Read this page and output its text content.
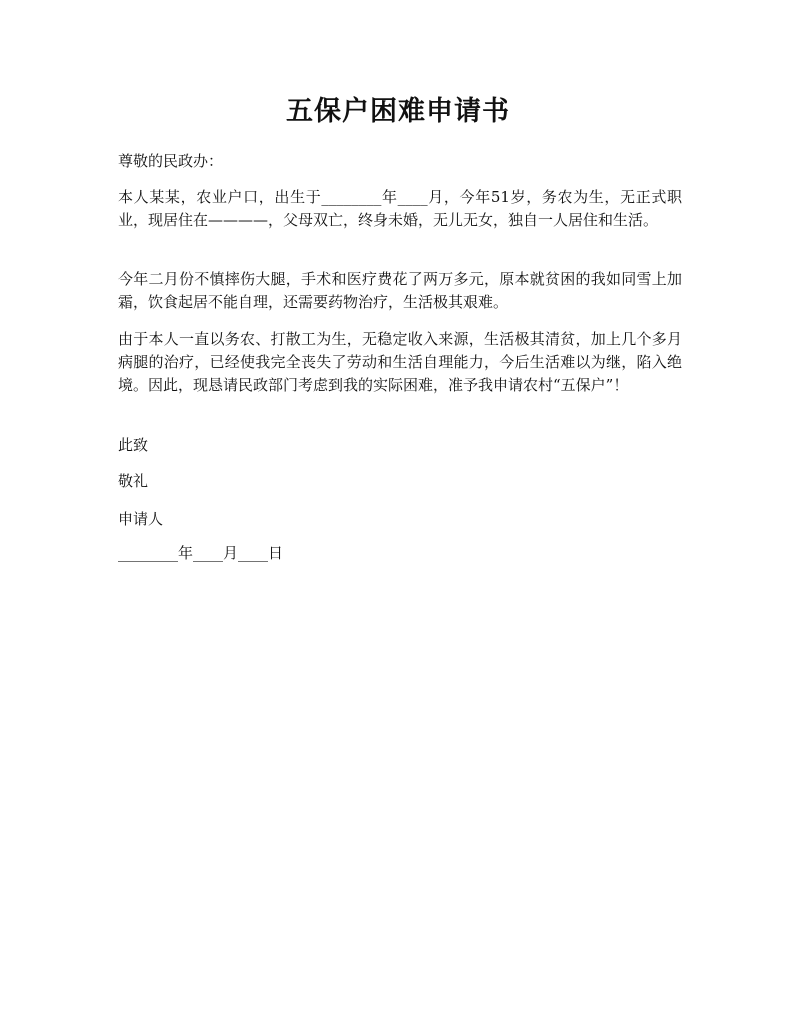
五保户困难申请书

尊敬的民政办：

本人某某，农业户口，出生于________年____月，今年51岁，务农为生，无正式职业，现居住在————，父母双亡，终身未婚，无儿无女，独自一人居住和生活。

今年二月份不慎摔伤大腿，手术和医疗费花了两万多元，原本就贫困的我如同雪上加霜，饮食起居不能自理，还需要药物治疗，生活极其艰难。

由于本人一直以务农、打散工为生，无稳定收入来源，生活极其清贫，加上几个多月病腿的治疗，已经使我完全丧失了劳动和生活自理能力，今后生活难以为继，陷入绝境。因此，现恳请民政部门考虑到我的实际困难，准予我申请农村“五保户”！

此致

敬礼

申请人

________年____月____日
